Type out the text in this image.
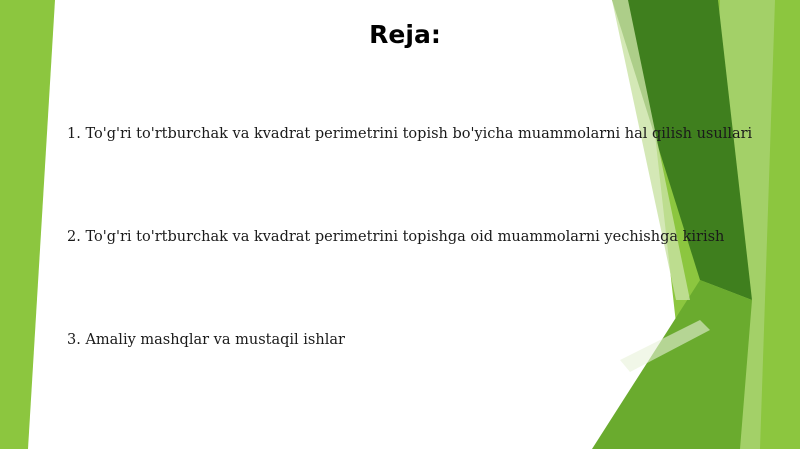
Reja:

1. To'g'ri to'rtburchak va kvadrat perimetrini topish bo'yicha muammolarni hal qilish usullari

2. To'g'ri to'rtburchak va kvadrat perimetrini topishga oid muammolarni yechishga kirish

3. Amaliy mashqlar va mustaqil ishlar
